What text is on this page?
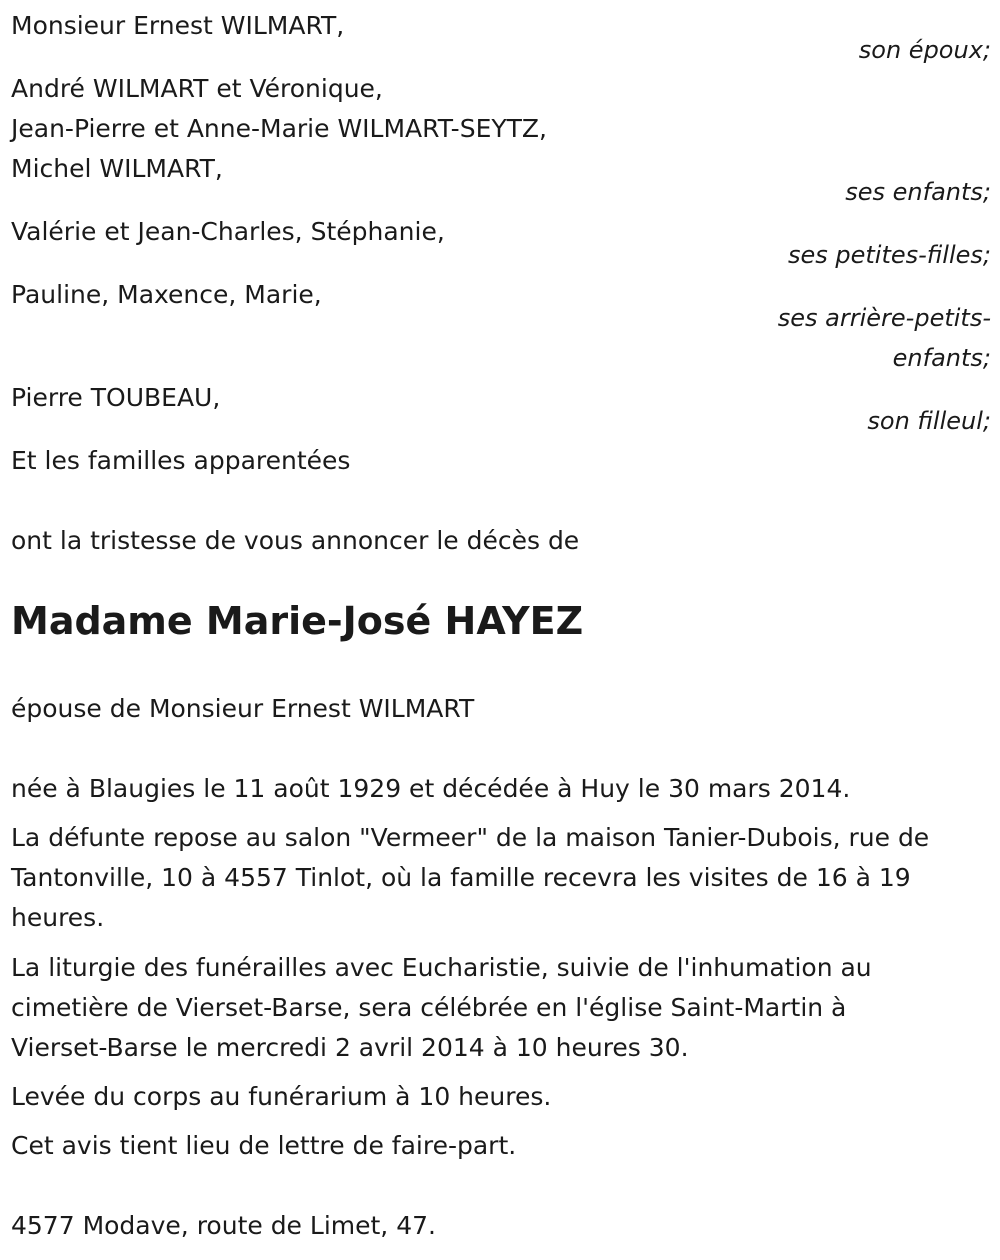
Monsieur Ernest WILMART,
son époux;
André WILMART et Véronique,
Jean-Pierre et Anne-Marie WILMART-SEYTZ,
Michel WILMART,
ses enfants;
Valérie et Jean-Charles, Stéphanie,
ses petites-filles;
Pauline, Maxence, Marie,
ses arrière-petits-
enfants;
Pierre TOUBEAU,
son filleul;
Et les familles apparentées
ont la tristesse de vous annoncer le décès de
Madame Marie-José HAYEZ
épouse de Monsieur Ernest WILMART
née à Blaugies le 11 août 1929 et décédée à Huy le 30 mars 2014.
La défunte repose au salon "Vermeer" de la maison Tanier-Dubois, rue de
Tantonville, 10 à 4557 Tinlot, où la famille recevra les visites de 16 à 19
heures.
La liturgie des funérailles avec Eucharistie, suivie de l'inhumation au
cimetière de Vierset-Barse, sera célébrée en l'église Saint-Martin à
Vierset-Barse le mercredi 2 avril 2014 à 10 heures 30.
Levée du corps au funérarium à 10 heures.
Cet avis tient lieu de lettre de faire-part.
4577 Modave, route de Limet, 47.
